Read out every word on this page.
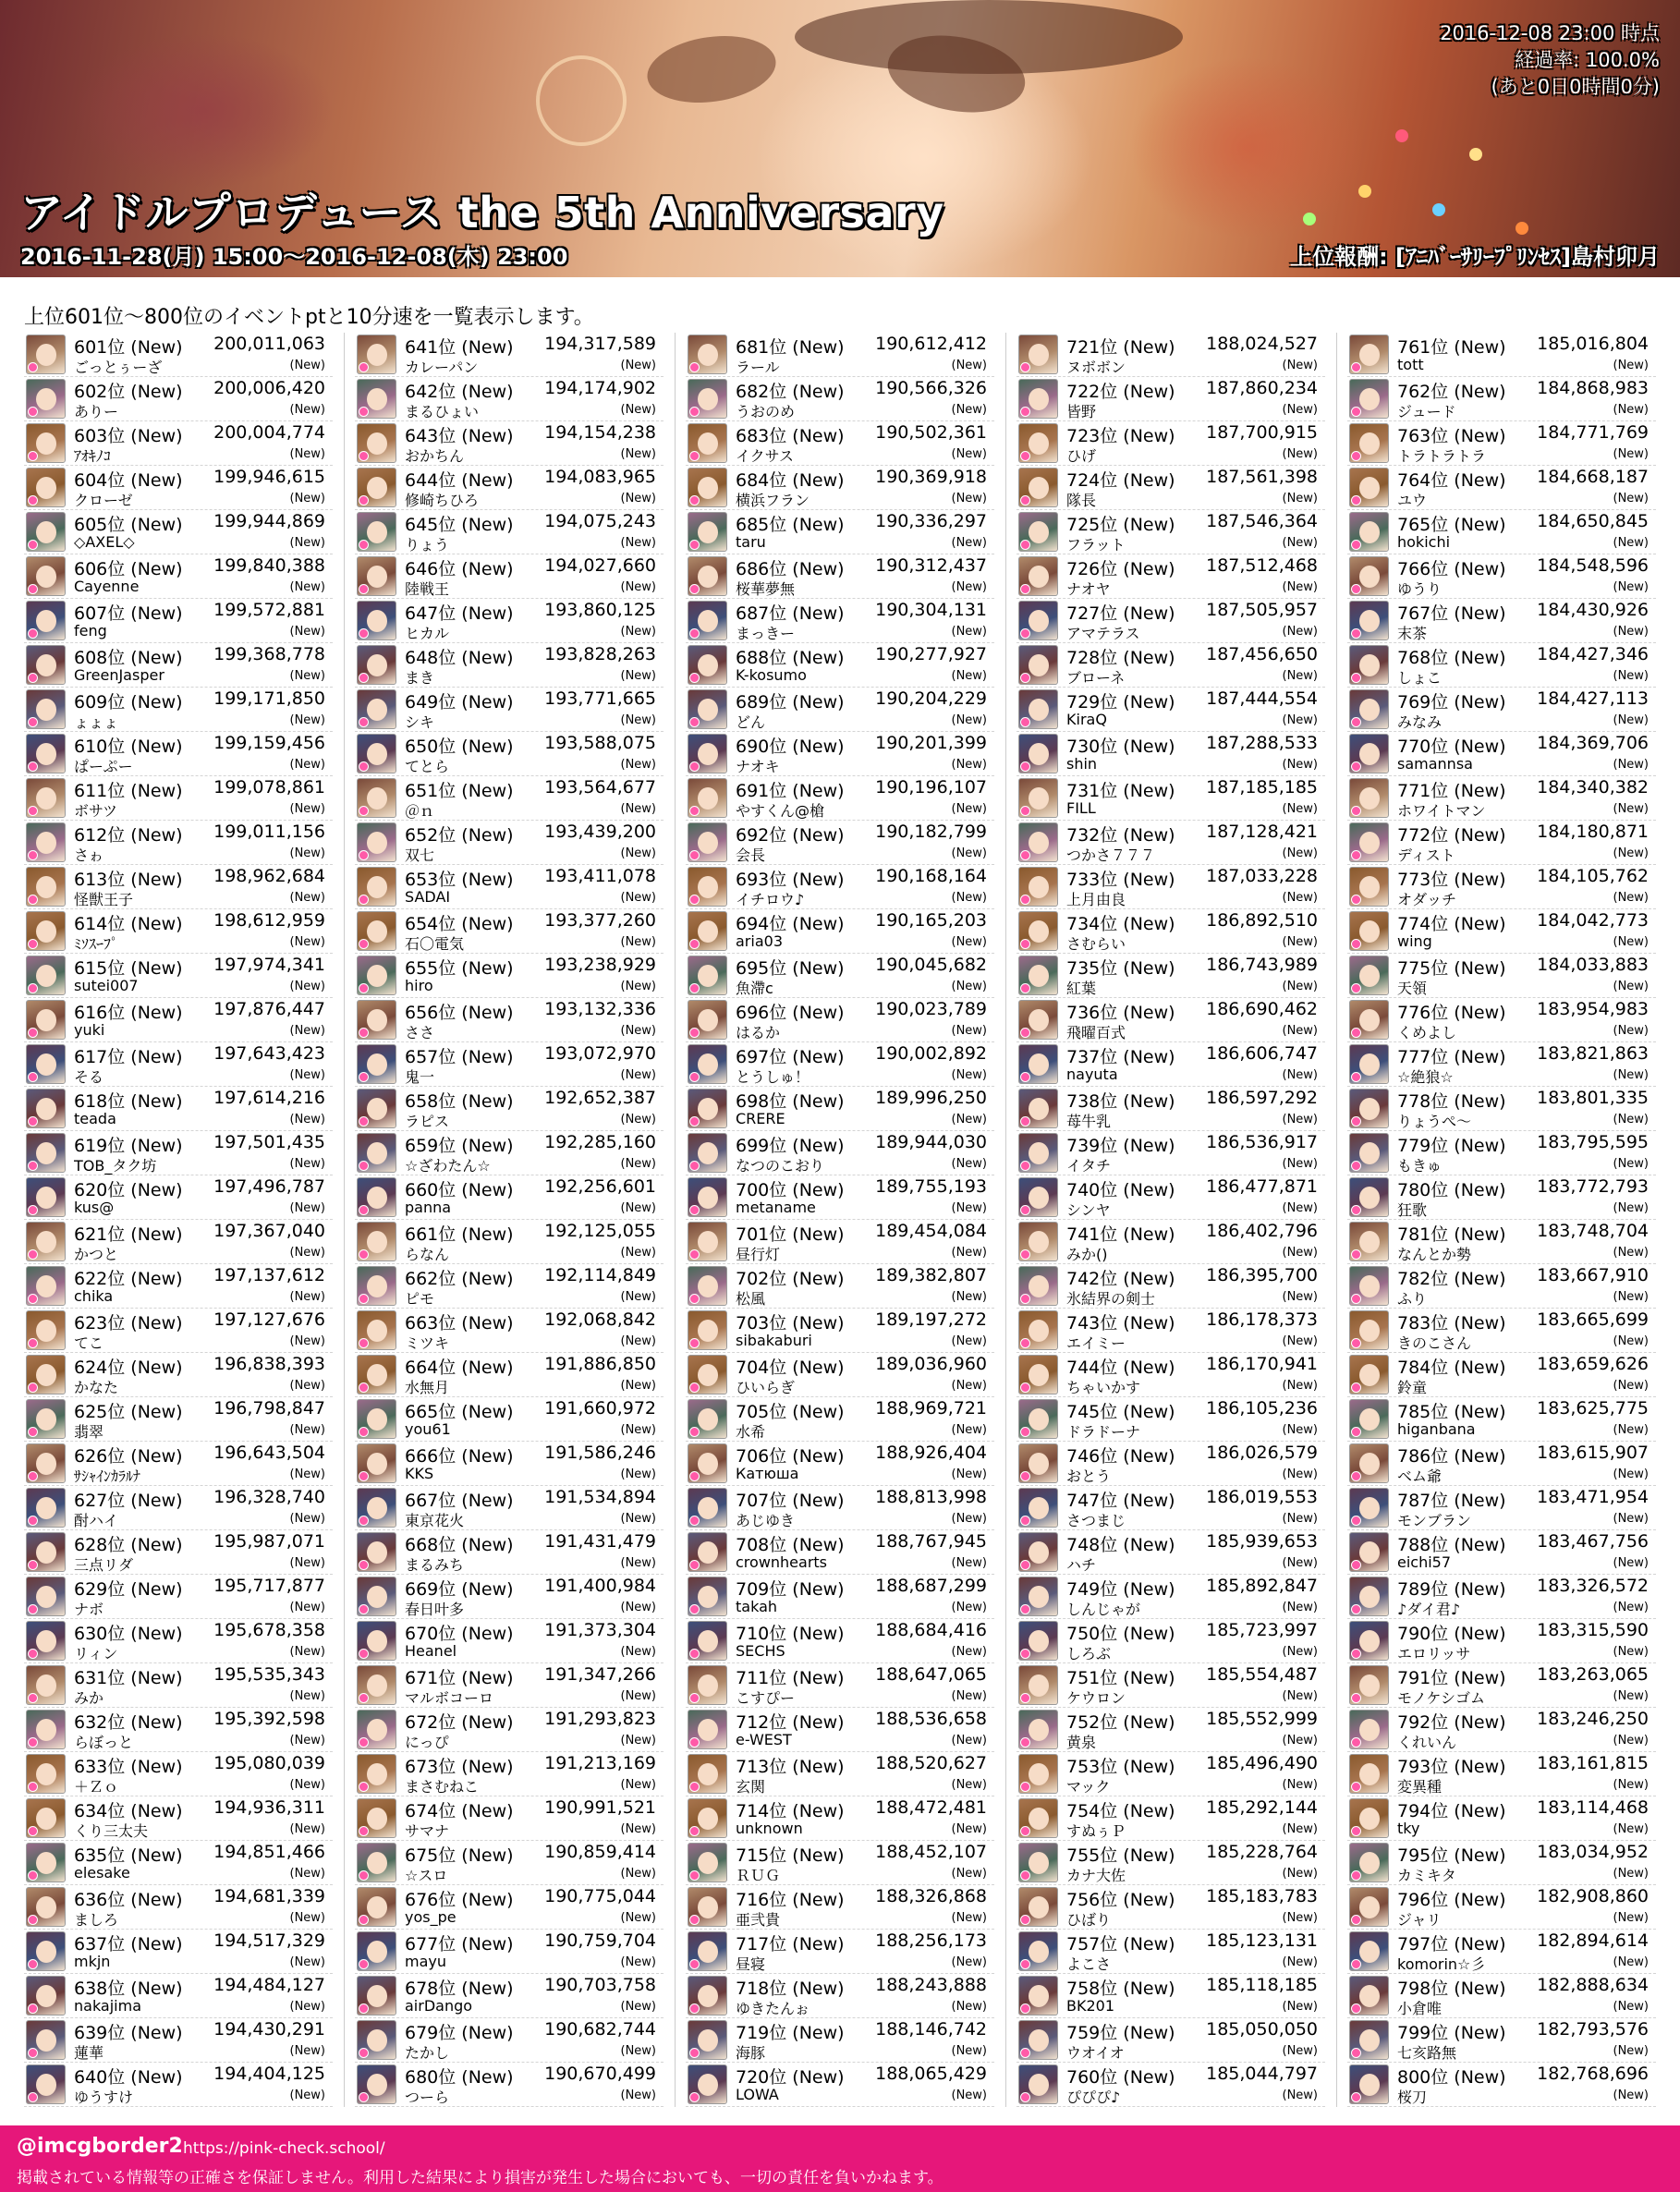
アイドルプロデュース the 5th Anniversary
2016-11-28(月) 15:00～2016-12-08(木) 23:00	上位報酬: [ｱﾆﾊﾞｰｻﾘｰﾌﾟﾘﾝｾｽ]島村卯月
2016-12-08 23:00 時点
経過率: 100.0%
(あと0日0時間0分)
上位601位～800位のイベントptと10分速を一覧表示します。
601位 (New)
ごっとぅーざ
200,011,063
(New)
602位 (New)
ありー
200,006,420
(New)
603位 (New)
ｱｵｷﾉｺ
200,004,774
(New)
604位 (New)
クローゼ
199,946,615
(New)
605位 (New)
◇AXEL◇
199,944,869
(New)
606位 (New)
Cayenne
199,840,388
(New)
607位 (New)
feng
199,572,881
(New)
608位 (New)
GreenJasper
199,368,778
(New)
609位 (New)
ょょょ
199,171,850
(New)
610位 (New)
ぱーぷー
199,159,456
(New)
611位 (New)
ボサツ
199,078,861
(New)
612位 (New)
さゎ
199,011,156
(New)
613位 (New)
怪獣王子
198,962,684
(New)
614位 (New)
ﾐｿｽｰﾌﾟ
198,612,959
(New)
615位 (New)
sutei007
197,974,341
(New)
616位 (New)
yuki
197,876,447
(New)
617位 (New)
そる
197,643,423
(New)
618位 (New)
teada
197,614,216
(New)
619位 (New)
TOB_タク坊
197,501,435
(New)
620位 (New)
kus@
197,496,787
(New)
621位 (New)
かつと
197,367,040
(New)
622位 (New)
chika
197,137,612
(New)
623位 (New)
てこ
197,127,676
(New)
624位 (New)
かなた
196,838,393
(New)
625位 (New)
翡翠
196,798,847
(New)
626位 (New)
ｻｼｬｲﾝｶﾗﾙﾅ
196,643,504
(New)
627位 (New)
酎ハイ
196,328,740
(New)
628位 (New)
三点リダ
195,987,071
(New)
629位 (New)
ナボ
195,717,877
(New)
630位 (New)
リィン
195,678,358
(New)
631位 (New)
みか
195,535,343
(New)
632位 (New)
らぼっと
195,392,598
(New)
633位 (New)
＋Ｚｏ
195,080,039
(New)
634位 (New)
くり三太夫
194,936,311
(New)
635位 (New)
elesake
194,851,466
(New)
636位 (New)
ましろ
194,681,339
(New)
637位 (New)
mkjn
194,517,329
(New)
638位 (New)
nakajima
194,484,127
(New)
639位 (New)
蓮華
194,430,291
(New)
640位 (New)
ゆうすけ
194,404,125
(New)
641位 (New)
カレーパン
194,317,589
(New)
642位 (New)
まるひょい
194,174,902
(New)
643位 (New)
おかちん
194,154,238
(New)
644位 (New)
修崎ちひろ
194,083,965
(New)
645位 (New)
りょう
194,075,243
(New)
646位 (New)
陸戦王
194,027,660
(New)
647位 (New)
ヒカル
193,860,125
(New)
648位 (New)
まき
193,828,263
(New)
649位 (New)
シキ
193,771,665
(New)
650位 (New)
てとら
193,588,075
(New)
651位 (New)
＠ｎ
193,564,677
(New)
652位 (New)
双七
193,439,200
(New)
653位 (New)
SADAI
193,411,078
(New)
654位 (New)
石〇電気
193,377,260
(New)
655位 (New)
hiro
193,238,929
(New)
656位 (New)
ささ
193,132,336
(New)
657位 (New)
鬼一
193,072,970
(New)
658位 (New)
ラピス
192,652,387
(New)
659位 (New)
☆ざわたん☆
192,285,160
(New)
660位 (New)
panna
192,256,601
(New)
661位 (New)
らなん
192,125,055
(New)
662位 (New)
ピモ
192,114,849
(New)
663位 (New)
ミツキ
192,068,842
(New)
664位 (New)
水無月
191,886,850
(New)
665位 (New)
you61
191,660,972
(New)
666位 (New)
KKS
191,586,246
(New)
667位 (New)
東京花火
191,534,894
(New)
668位 (New)
まるみち
191,431,479
(New)
669位 (New)
春日叶多
191,400,984
(New)
670位 (New)
Heanel
191,373,304
(New)
671位 (New)
マルボコーロ
191,347,266
(New)
672位 (New)
にっぴ
191,293,823
(New)
673位 (New)
まさむねこ
191,213,169
(New)
674位 (New)
サマナ
190,991,521
(New)
675位 (New)
☆スロ
190,859,414
(New)
676位 (New)
yos_pe
190,775,044
(New)
677位 (New)
mayu
190,759,704
(New)
678位 (New)
airDango
190,703,758
(New)
679位 (New)
たかし
190,682,744
(New)
680位 (New)
つーら
190,670,499
(New)
681位 (New)
ラール
190,612,412
(New)
682位 (New)
うおのめ
190,566,326
(New)
683位 (New)
イクサス
190,502,361
(New)
684位 (New)
横浜フラン
190,369,918
(New)
685位 (New)
taru
190,336,297
(New)
686位 (New)
桜華夢無
190,312,437
(New)
687位 (New)
まっきー
190,304,131
(New)
688位 (New)
K-kosumo
190,277,927
(New)
689位 (New)
どん
190,204,229
(New)
690位 (New)
ナオキ
190,201,399
(New)
691位 (New)
やすくん@槍
190,196,107
(New)
692位 (New)
会長
190,182,799
(New)
693位 (New)
イチロウ♪
190,168,164
(New)
694位 (New)
aria03
190,165,203
(New)
695位 (New)
魚滯c
190,045,682
(New)
696位 (New)
はるか
190,023,789
(New)
697位 (New)
とうしゅ！
190,002,892
(New)
698位 (New)
CRERE
189,996,250
(New)
699位 (New)
なつのこおり
189,944,030
(New)
700位 (New)
metaname
189,755,193
(New)
701位 (New)
昼行灯
189,454,084
(New)
702位 (New)
松風
189,382,807
(New)
703位 (New)
sibakaburi
189,197,272
(New)
704位 (New)
ひいらぎ
189,036,960
(New)
705位 (New)
水希
188,969,721
(New)
706位 (New)
Катюша
188,926,404
(New)
707位 (New)
あじゆき
188,813,998
(New)
708位 (New)
crownhearts
188,767,945
(New)
709位 (New)
takah
188,687,299
(New)
710位 (New)
SECHS
188,684,416
(New)
711位 (New)
こすぴー
188,647,065
(New)
712位 (New)
e-WEST
188,536,658
(New)
713位 (New)
玄関
188,520,627
(New)
714位 (New)
unknown
188,472,481
(New)
715位 (New)
ＲＵＧ
188,452,107
(New)
716位 (New)
亜弐貴
188,326,868
(New)
717位 (New)
昼寝
188,256,173
(New)
718位 (New)
ゆきたんぉ
188,243,888
(New)
719位 (New)
海豚
188,146,742
(New)
720位 (New)
LOWA
188,065,429
(New)
721位 (New)
ヌボボン
188,024,527
(New)
722位 (New)
皆野
187,860,234
(New)
723位 (New)
ひげ
187,700,915
(New)
724位 (New)
隊長
187,561,398
(New)
725位 (New)
フラット
187,546,364
(New)
726位 (New)
ナオヤ
187,512,468
(New)
727位 (New)
アマテラス
187,505,957
(New)
728位 (New)
ブローネ
187,456,650
(New)
729位 (New)
KiraQ
187,444,554
(New)
730位 (New)
shin
187,288,533
(New)
731位 (New)
FILL
187,185,185
(New)
732位 (New)
つかさ７７７
187,128,421
(New)
733位 (New)
上月由良
187,033,228
(New)
734位 (New)
さむらい
186,892,510
(New)
735位 (New)
紅葉
186,743,989
(New)
736位 (New)
飛曜百式
186,690,462
(New)
737位 (New)
nayuta
186,606,747
(New)
738位 (New)
苺牛乳
186,597,292
(New)
739位 (New)
イタチ
186,536,917
(New)
740位 (New)
シンヤ
186,477,871
(New)
741位 (New)
みか()
186,402,796
(New)
742位 (New)
氷結界の剣士
186,395,700
(New)
743位 (New)
エイミー
186,178,373
(New)
744位 (New)
ちゃいかす
186,170,941
(New)
745位 (New)
ドラドーナ
186,105,236
(New)
746位 (New)
おとう
186,026,579
(New)
747位 (New)
さつまじ
186,019,553
(New)
748位 (New)
ハチ
185,939,653
(New)
749位 (New)
しんじゃが
185,892,847
(New)
750位 (New)
しろぶ
185,723,997
(New)
751位 (New)
ケウロン
185,554,487
(New)
752位 (New)
黄泉
185,552,999
(New)
753位 (New)
マック
185,496,490
(New)
754位 (New)
すぬぅＰ
185,292,144
(New)
755位 (New)
カナ大佐
185,228,764
(New)
756位 (New)
ひばり
185,183,783
(New)
757位 (New)
よこさ
185,123,131
(New)
758位 (New)
BK201
185,118,185
(New)
759位 (New)
ウオイオ
185,050,050
(New)
760位 (New)
ぴぴぴ♪
185,044,797
(New)
761位 (New)
tott
185,016,804
(New)
762位 (New)
ジュード
184,868,983
(New)
763位 (New)
トラトラトラ
184,771,769
(New)
764位 (New)
ユウ
184,668,187
(New)
765位 (New)
hokichi
184,650,845
(New)
766位 (New)
ゆうり
184,548,596
(New)
767位 (New)
末茶
184,430,926
(New)
768位 (New)
しょこ
184,427,346
(New)
769位 (New)
みなみ
184,427,113
(New)
770位 (New)
samannsa
184,369,706
(New)
771位 (New)
ホワイトマン
184,340,382
(New)
772位 (New)
ディスト
184,180,871
(New)
773位 (New)
オダッチ
184,105,762
(New)
774位 (New)
wing
184,042,773
(New)
775位 (New)
天領
184,033,883
(New)
776位 (New)
くめよし
183,954,983
(New)
777位 (New)
☆絶狼☆
183,821,863
(New)
778位 (New)
りょうぺ～
183,801,335
(New)
779位 (New)
もきゅ
183,795,595
(New)
780位 (New)
狂歌
183,772,793
(New)
781位 (New)
なんとか勢
183,748,704
(New)
782位 (New)
ふり
183,667,910
(New)
783位 (New)
きのこさん
183,665,699
(New)
784位 (New)
鈴童
183,659,626
(New)
785位 (New)
higanbana
183,625,775
(New)
786位 (New)
ベム爺
183,615,907
(New)
787位 (New)
モンブラン
183,471,954
(New)
788位 (New)
eichi57
183,467,756
(New)
789位 (New)
♪ダイ君♪
183,326,572
(New)
790位 (New)
エロリッサ
183,315,590
(New)
791位 (New)
モノケシゴム
183,263,065
(New)
792位 (New)
くれいん
183,246,250
(New)
793位 (New)
変異種
183,161,815
(New)
794位 (New)
tky
183,114,468
(New)
795位 (New)
カミキタ
183,034,952
(New)
796位 (New)
ジャリ
182,908,860
(New)
797位 (New)
komorin☆彡
182,894,614
(New)
798位 (New)
小倉唯
182,888,634
(New)
799位 (New)
七亥路無
182,793,576
(New)
800位 (New)
桜刀
182,768,696
(New)
@imcgborder2 https://pink-check.school/
掲載されている情報等の正確さを保証しません。利用した結果により損害が発生した場合においても、一切の責任を負いかねます。
